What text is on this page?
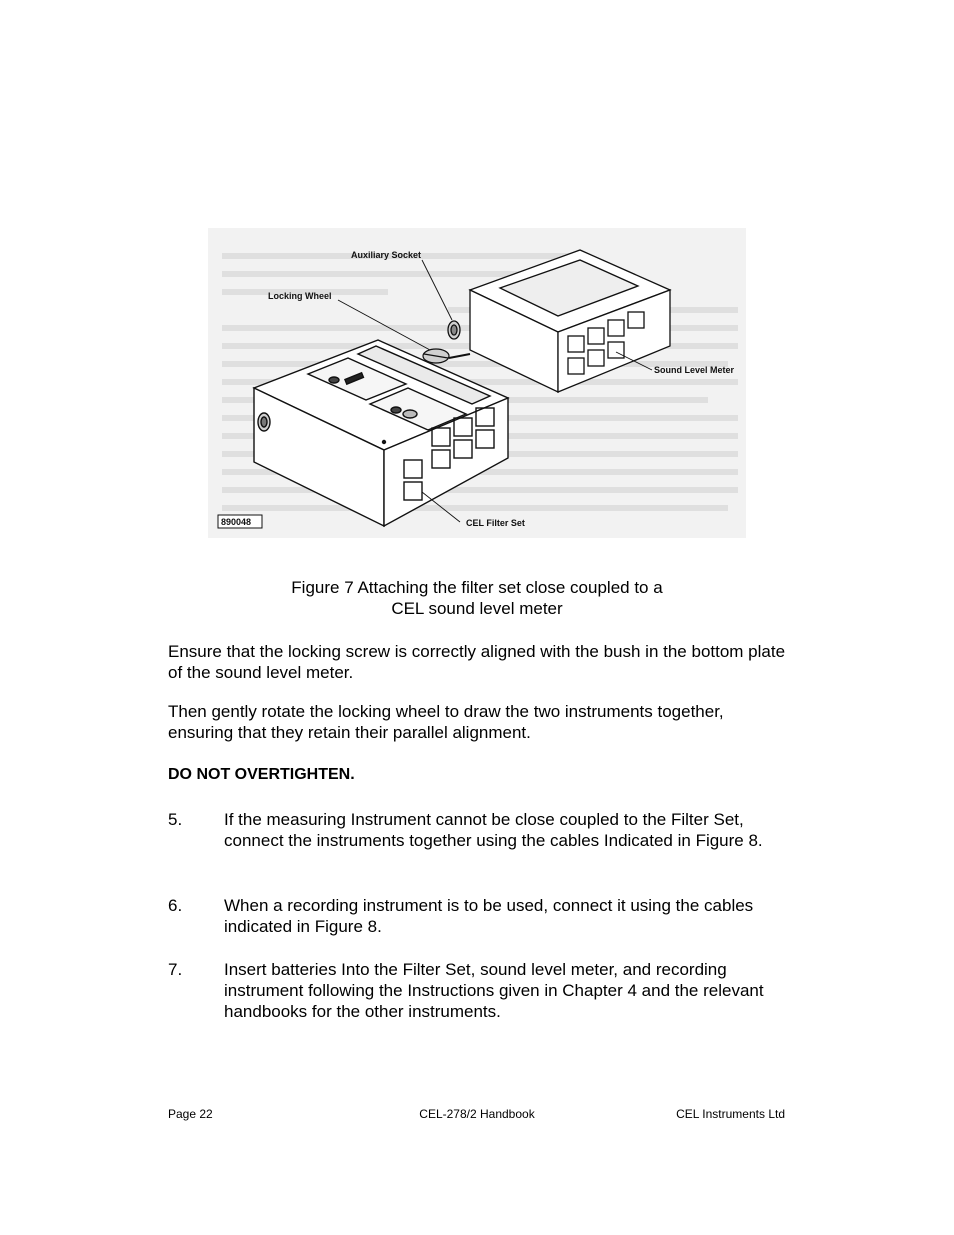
Auxiliary Socket
Locking Wheel
Sound Level Meter
CEL Filter Set
890048
Figure 7 Attaching the filter set close coupled to a
CEL sound level meter
Ensure that the locking screw is correctly aligned with the bush in the bottom plate of the sound level meter.
Then gently rotate the locking wheel to draw the two instruments together, ensuring that they retain their parallel alignment.
DO NOT OVERTIGHTEN.
5.	If the measuring Instrument cannot be close coupled to the Filter Set, connect the instruments together using the cables Indicated in Figure 8.
6.	When a recording instrument is to be used, connect it using the cables indicated in Figure 8.
7.	Insert batteries Into the Filter Set, sound level meter, and recording instrument following the Instructions given in Chapter 4 and the relevant handbooks for the other instruments.
CEL-278/2 Handbook
Page 22	CEL Instruments Ltd
